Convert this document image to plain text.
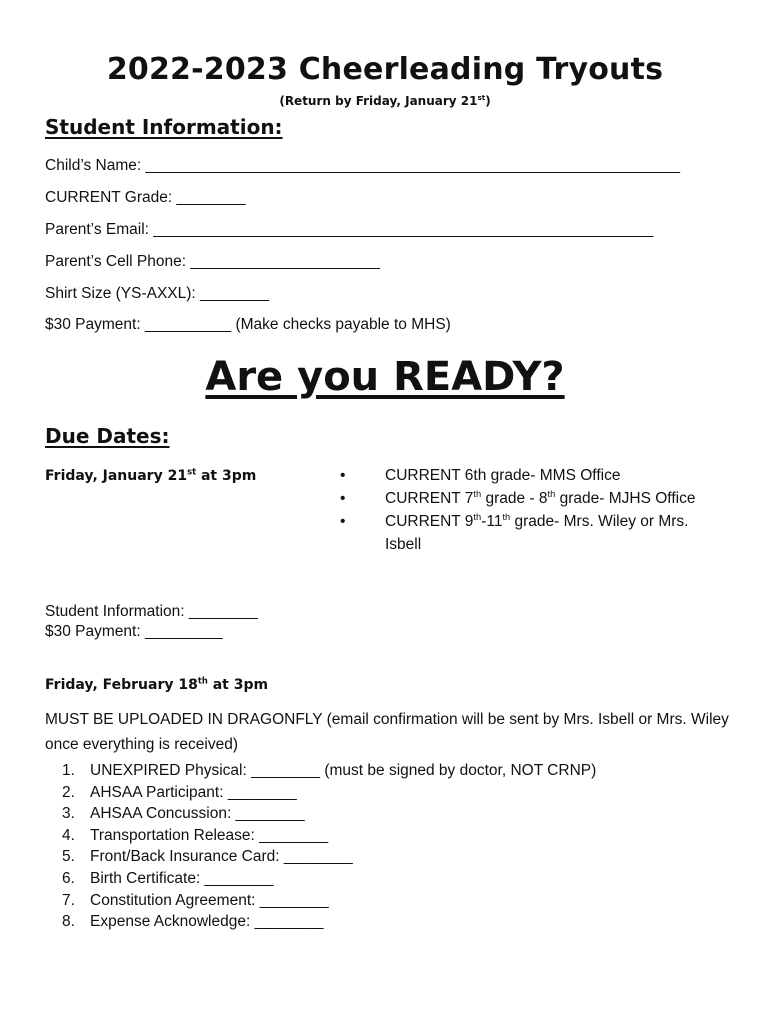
2022-2023 Cheerleading Tryouts
(Return by Friday, January 21st)
Student Information:
Child’s Name: ______________________________________________________________
CURRENT Grade: ________
Parent’s Email: __________________________________________________________
Parent’s Cell Phone: ______________________
Shirt Size (YS-AXXL): ________
$30 Payment: __________ (Make checks payable to MHS)
Are you READY?
Due Dates:
Friday, January 21st at 3pm	•	CURRENT 6th grade- MMS Office
•	CURRENT 7th grade - 8th grade- MJHS Office
•	CURRENT 9th-11th grade- Mrs. Wiley or Mrs. Isbell
Student Information: ________
$30 Payment: _________
Friday, February 18th at 3pm
MUST BE UPLOADED IN DRAGONFLY (email confirmation will be sent by Mrs. Isbell or Mrs. Wiley once everything is received)
1. UNEXPIRED Physical: ________ (must be signed by doctor, NOT CRNP)
2. AHSAA Participant: ________
3. AHSAA Concussion: ________
4. Transportation Release: ________
5. Front/Back Insurance Card: ________
6. Birth Certificate: ________
7. Constitution Agreement: ________
8. Expense Acknowledge: ________
